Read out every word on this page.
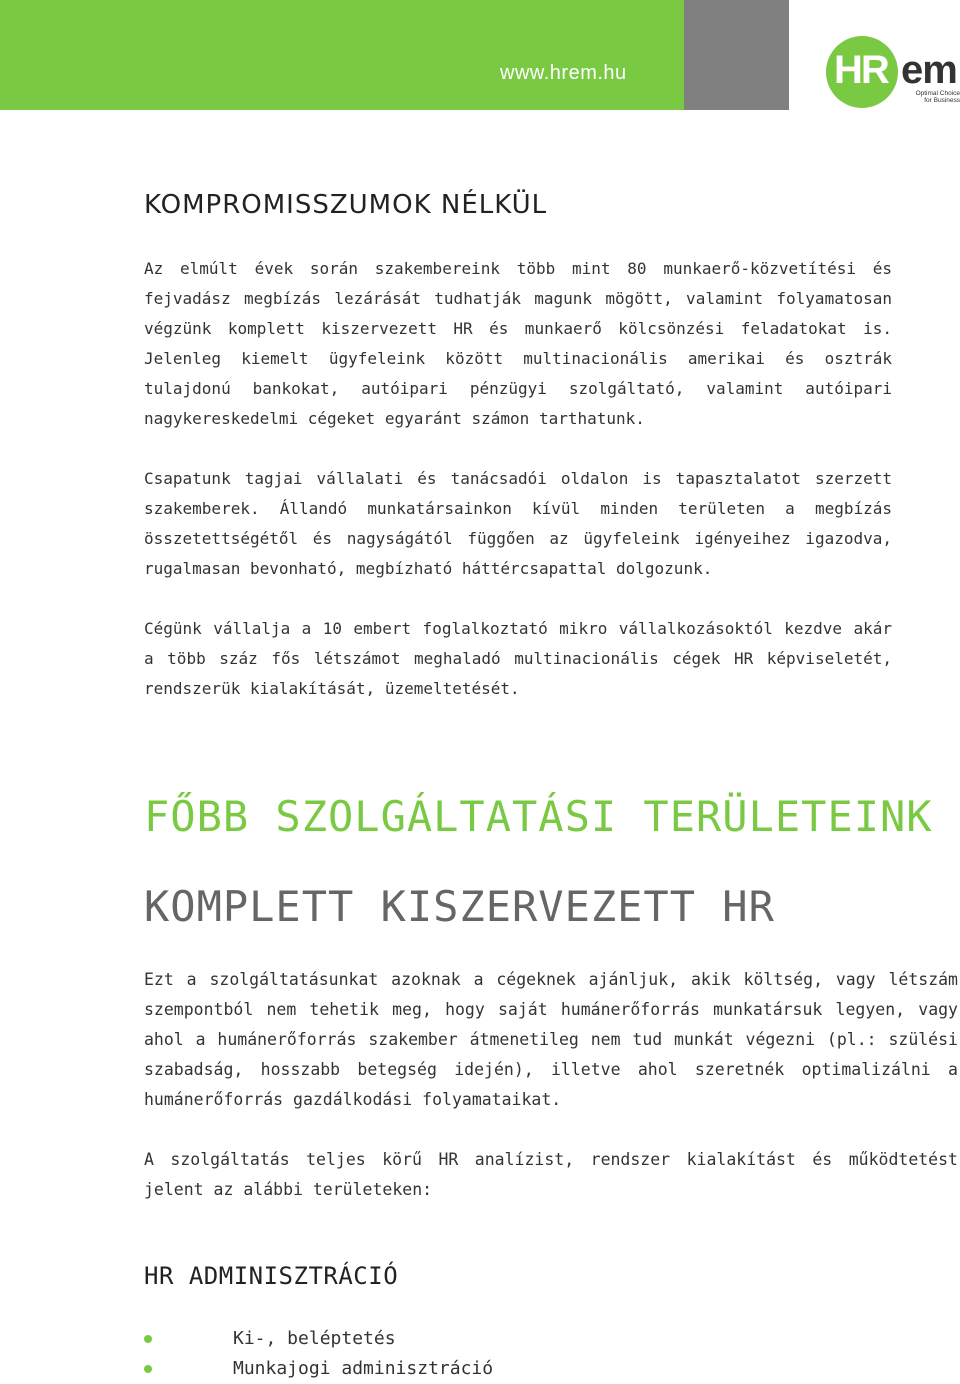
www.hrem.hu	HR em
Optimal Choice
for Business
KOMPROMISSZUMOK NÉLKÜL

Az elmúlt évek során szakembereink több mint 80 munkaerő-közvetítési és fejvadász megbízás lezárását tudhatják magunk mögött, valamint folyamatosan végzünk komplett kiszervezett HR és munkaerő kölcsönzési feladatokat is. Jelenleg kiemelt ügyfeleink között multinacionális amerikai és osztrák tulajdonú bankokat, autóipari pénzügyi szolgáltató, valamint autóipari nagykereskedelmi cégeket egyaránt számon tarthatunk.

Csapatunk tagjai vállalati és tanácsadói oldalon is tapasztalatot szerzett szakemberek. Állandó munkatársainkon kívül minden területen a megbízás összetettségétől és nagyságától függően az ügyfeleink igényeihez igazodva, rugalmasan bevonható, megbízható háttércsapattal dolgozunk.

Cégünk vállalja a 10 embert foglalkoztató mikro vállalkozásoktól kezdve akár a több száz fős létszámot meghaladó multinacionális cégek HR képviseletét, rendszerük kialakítását, üzemeltetését.

FŐBB SZOLGÁLTATÁSI TERÜLETEINK
KOMPLETT KISZERVEZETT HR

Ezt a szolgáltatásunkat azoknak a cégeknek ajánljuk, akik költség, vagy létszám szempontból nem tehetik meg, hogy saját humánerőforrás munkatársuk legyen, vagy ahol a humánerőforrás szakember átmenetileg nem tud munkát végezni (pl.: szülési szabadság, hosszabb betegség idején), illetve ahol szeretnék optimalizálni a humánerőforrás gazdálkodási folyamataikat.

A szolgáltatás teljes körű HR analízist, rendszer kialakítást és működtetést jelent az alábbi területeken:

HR ADMINISZTRÁCIÓ
Ki-, beléptetés
Munkajogi adminisztráció
